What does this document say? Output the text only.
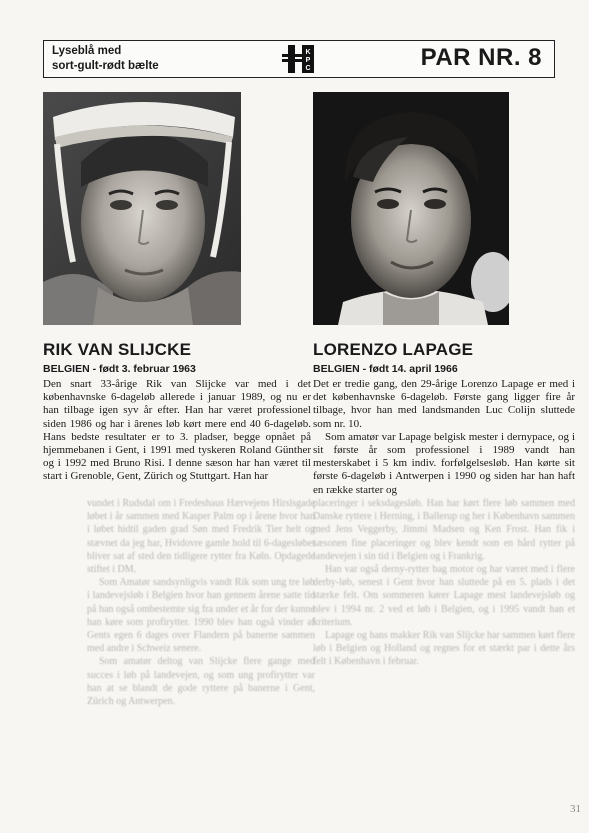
Lyseblå med
sort-gult-rødt bælte
K
P
C	PAR NR. 8
RIK VAN SLIJCKE
BELGIEN - født 3. februar 1963

Den snart 33-årige Rik van Slijcke var med i det københavnske 6-dageløb allerede i januar 1989, og nu er han tilbage igen syv år efter. Han har været professionel siden 1986 og har i ârenes løb kørt mere end 40 6-dageløb. Hans bedste resultater er to 3. pladser, begge opnået på hjemmebanen i Gent, i 1991 med tyskeren Roland Günther og i 1992 med Bruno Risi. I denne sæson har han været til start i Grenoble, Gent, Zürich og Stuttgart. Han har

vundet i Rudsdal om i Fredeshaus Hærvejens Hirslsgade løbet i år sammen med Kasper Palm op i årene hvor han i løbet hidtil gaden grad Søn med Fredrik Tier helt og stævnet da jeg har, Hvidovre gamle hold til 6-dagesløbet bliver sat af sted den tidligere rytter fra Køln. Opdagede stiftet i DM.

Som Amatør sandsynligvis vandt Rik som ung tre løb i landevejsløb i Belgien hvor han gennem årene satte tid på han også ombestemte sig fra under et år for der kunne han køre som profirytter. 1990 blev han også vinder af Gents egen 6 dages over Flandern på banerne sammen med andre i Schweiz senere.

Som amatør deltog van Slijcke flere gange med succes i løb på landevejen, og som ung profirytter var han at se blandt de gode ryttere på banerne i Gent, Zürich og Antwerpen.

LORENZO LAPAGE
BELGIEN - født 14. april 1966

Det er tredie gang, den 29-årige Lorenzo Lapage er med i det københavnske 6-dageløb. Første gang ligger fire år tilbage, hvor han med landsmanden Luc Colijn sluttede som nr. 10.

Som amatør var Lapage belgisk mester i dernypace, og i sit første år som professionel i 1989 vandt han mesterskabet i 5 km indiv. forfølgelsesløb. Han kørte sit første 6-dageløb i Antwerpen i 1990 og siden har han haft en række starter og

placeringer i seksdagesløb. Han har kørt flere løb sammen med Danske ryttere i Herning, i Ballerup og her i København sammen med Jens Veggerby, Jimmi Madsen og Ken Frost. Han fik i sæsonen fine placeringer og blev kendt som en hård rytter på landevejen i sin tid i Belgien og i Frankrig.

Han var også derny-rytter bag motor og har været med i flere derby-løb, senest i Gent hvor han sluttede på en 5. plads i det stærke felt. Om sommeren kører Lapage mest landevejsløb og blev i 1994 nr. 2 ved et løb i Belgien, og i 1995 vandt han et kriterium.

Lapage og hans makker Rik van Slijcke har sammen kørt flere løb i Belgien og Holland og regnes for et stærkt par i dette års felt i København i februar.

31
